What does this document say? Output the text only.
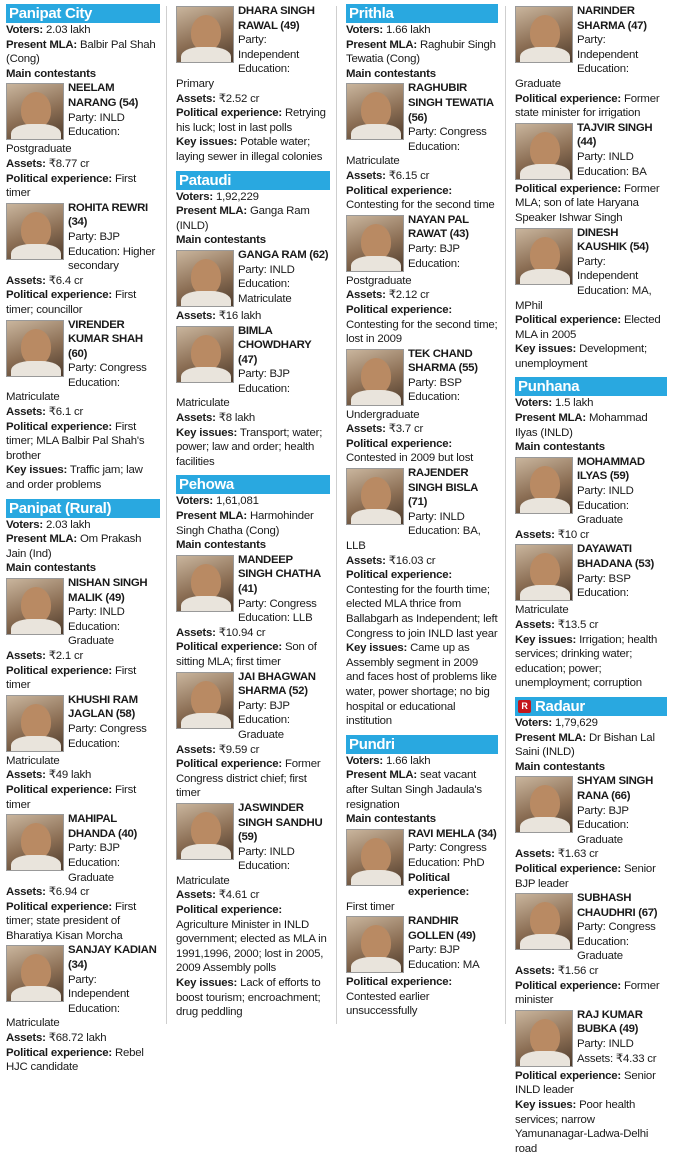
Panipat City
Voters: 2.03 lakh
Present MLA: Balbir Pal Shah (Cong)
Main contestants
NEELAM NARANG (54)
Party: INLD
Education:
Postgraduate
Assets: ₹8.77 cr
Political experience: First timer
ROHITA REWRI (34)
Party: BJP
Education: Higher secondary
Assets: ₹6.4 cr
Political experience: First timer; councillor
VIRENDER KUMAR SHAH (60)
Party: Congress
Education:
Matriculate
Assets: ₹6.1 cr
Political experience: First timer; MLA Balbir Pal Shah's brother
Key issues: Traffic jam; law and order problems
Panipat (Rural)
Voters: 2.03 lakh
Present MLA: Om Prakash Jain (Ind)
Main contestants
NISHAN SINGH MALIK (49)
Party: INLD
Education: Graduate
Assets: ₹2.1 cr
Political experience: First timer
KHUSHI RAM JAGLAN (58)
Party: Congress
Education:
Matriculate
Assets: ₹49 lakh
Political experience: First timer
MAHIPAL DHANDA (40)
Party: BJP
Education: Graduate
Assets: ₹6.94 cr
Political experience: First timer; state president of Bharatiya Kisan Morcha
SANJAY KADIAN (34)
Party: Independent
Education:
Matriculate
Assets: ₹68.72 lakh
Political experience: Rebel HJC candidate
DHARA SINGH RAWAL (49)
Party: Independent
Education: Primary
Assets: ₹2.52 cr
Political experience: Retrying his luck; lost in last polls
Key issues: Potable water; laying sewer in illegal colonies
Pataudi
Voters: 1,92,229
Present MLA: Ganga Ram (INLD)
Main contestants
GANGA RAM (62)
Party: INLD
Education:
Matriculate
Assets: ₹16 lakh
BIMLA CHOWDHARY (47)
Party: BJP
Education:
Matriculate
Assets: ₹8 lakh
Key issues: Transport; water; power; law and order; health facilities
Pehowa
Voters: 1,61,081
Present MLA: Harmohinder Singh Chatha (Cong)
Main contestants
MANDEEP SINGH CHATHA (41)
Party: Congress
Education: LLB
Assets: ₹10.94 cr
Political experience: Son of sitting MLA; first timer
JAI BHAGWAN SHARMA (52)
Party: BJP
Education: Graduate
Assets: ₹9.59 cr
Political experience: Former Congress district chief; first timer
JASWINDER SINGH SANDHU (59)
Party: INLD
Education:
Matriculate
Assets: ₹4.61 cr
Political experience: Agriculture Minister in INLD government; elected as MLA in 1991,1996, 2000; lost in 2005, 2009 Assembly polls
Key issues: Lack of efforts to boost tourism; encroachment; drug peddling
Prithla
Voters: 1.66 lakh
Present MLA: Raghubir Singh Tewatia (Cong)
Main contestants
RAGHUBIR SINGH TEWATIA (56)
Party: Congress
Education:
Matriculate
Assets: ₹6.15 cr
Political experience: Contesting for the second time
NAYAN PAL RAWAT (43)
Party: BJP
Education:
Postgraduate
Assets: ₹2.12 cr
Political experience: Contesting for the second time; lost in 2009
TEK CHAND SHARMA (55)
Party: BSP
Education:
Undergraduate
Assets: ₹3.7 cr
Political experience: Contested in 2009 but lost
RAJENDER SINGH BISLA (71)
Party: INLD
Education: BA, LLB
Assets: ₹16.03 cr
Political experience: Contesting for the fourth time; elected MLA thrice from Ballabgarh as Independent; left Congress to join INLD last year
Key issues: Came up as Assembly segment in 2009 and faces host of problems like water, power shortage; no big hospital or educational institution
Pundri
Voters: 1.66 lakh
Present MLA: seat vacant after Sultan Singh Jadaula's resignation
Main contestants
RAVI MEHLA (34)
Party: Congress
Education: PhD
Political experience:
First timer
RANDHIR GOLLEN (49)
Party: BJP
Education: MA
Political experience: Contested earlier unsuccessfully
NARINDER SHARMA (47)
Party: Independent
Education: Graduate
Political experience: Former state minister for irrigation
TAJVIR SINGH (44)
Party: INLD
Education: BA
Political experience: Former MLA; son of late Haryana Speaker Ishwar Singh
DINESH KAUSHIK (54)
Party: Independent
Education: MA, MPhil
Political experience: Elected MLA in 2005
Key issues: Development; unemployment
Punhana
Voters: 1.5 lakh
Present MLA: Mohammad Ilyas (INLD)
Main contestants
MOHAMMAD ILYAS (59)
Party: INLD
Education: Graduate
Assets: ₹10 cr
DAYAWATI BHADANA (53)
Party: BSP
Education:
Matriculate
Assets: ₹13.5 cr
Key issues: Irrigation; health services; drinking water; education; power; unemployment; corruption
R Radaur
Voters: 1,79,629
Present MLA: Dr Bishan Lal Saini (INLD)
Main contestants
SHYAM SINGH RANA (66)
Party: BJP
Education: Graduate
Assets: ₹1.63 cr
Political experience: Senior BJP leader
SUBHASH CHAUDHRI (67)
Party: Congress
Education: Graduate
Assets: ₹1.56 cr
Political experience: Former minister
RAJ KUMAR BUBKA (49)
Party: INLD
Assets: ₹4.33 cr
Political experience: Senior INLD leader
Key issues: Poor health services; narrow Yamunanagar-Ladwa-Delhi road
